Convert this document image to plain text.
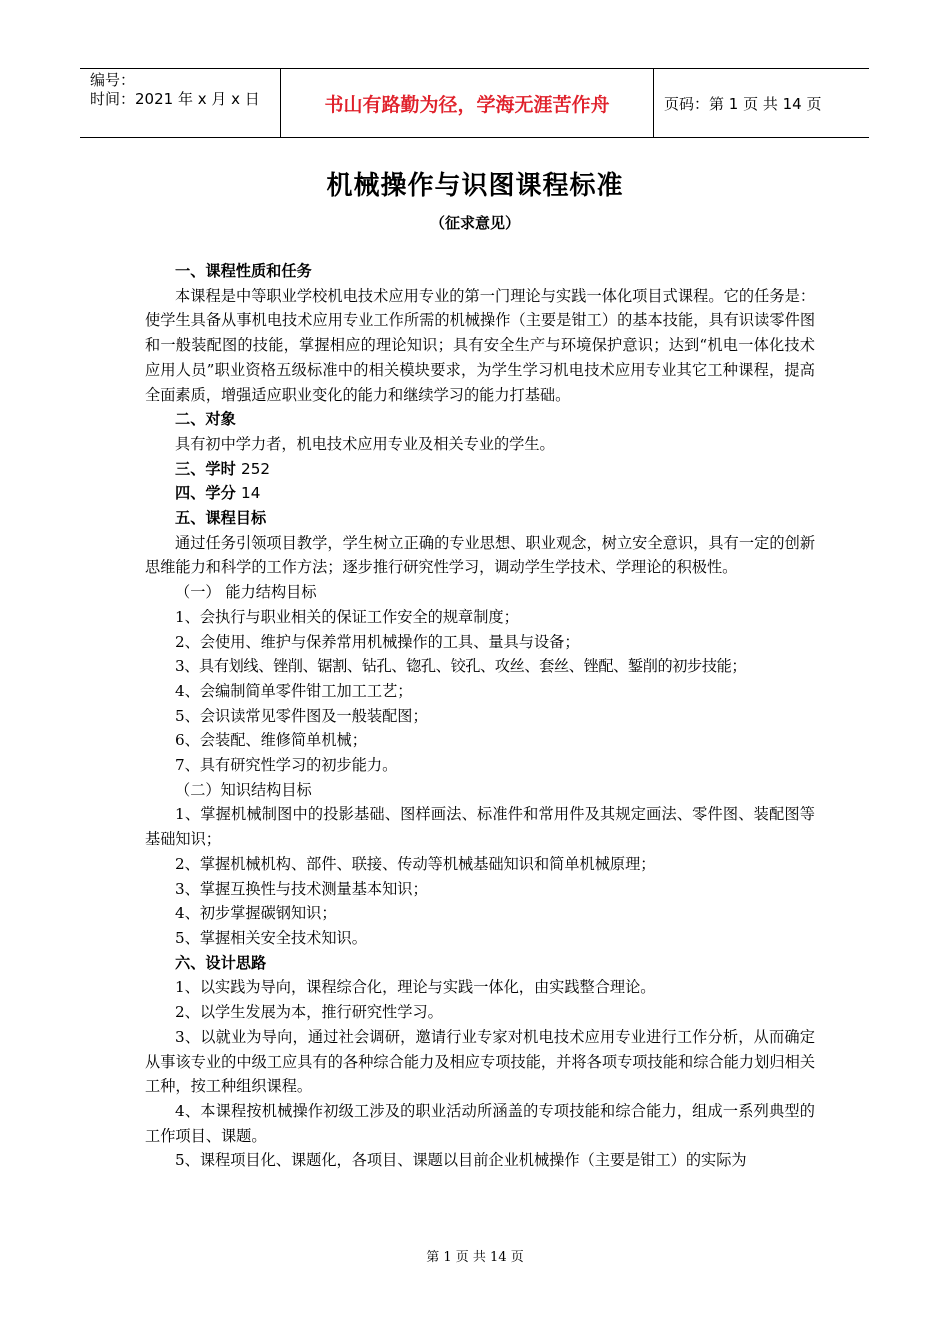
编号：
时间：2021 年 x 月 x 日	书山有路勤为径，学海无涯苦作舟	页码：第 1 页 共 14 页
机械操作与识图课程标准
（征求意见）

一、课程性质和任务

本课程是中等职业学校机电技术应用专业的第一门理论与实践一体化项目式课程。它的任务是：使学生具备从事机电技术应用专业工作所需的机械操作（主要是钳工）的基本技能，具有识读零件图和一般装配图的技能，掌握相应的理论知识；具有安全生产与环境保护意识；达到“机电一体化技术应用人员”职业资格五级标准中的相关模块要求，为学生学习机电技术应用专业其它工种课程，提高全面素质，增强适应职业变化的能力和继续学习的能力打基础。

二、对象

具有初中学力者，机电技术应用专业及相关专业的学生。

三、学时 252

四、学分 14

五、课程目标

通过任务引领项目教学，学生树立正确的专业思想、职业观念，树立安全意识，具有一定的创新思维能力和科学的工作方法；逐步推行研究性学习，调动学生学技术、学理论的积极性。

（一） 能力结构目标

1、会执行与职业相关的保证工作安全的规章制度；

2、会使用、维护与保养常用机械操作的工具、量具与设备；

3、具有划线、锉削、锯割、钻孔、锪孔、铰孔、攻丝、套丝、锉配、錾削的初步技能；

4、会编制简单零件钳工加工工艺；

5、会识读常见零件图及一般装配图；

6、会装配、维修简单机械；

7、具有研究性学习的初步能力。

（二）知识结构目标

1、掌握机械制图中的投影基础、图样画法、标准件和常用件及其规定画法、零件图、装配图等基础知识；

2、掌握机械机构、部件、联接、传动等机械基础知识和简单机械原理；

3、掌握互换性与技术测量基本知识；

4、初步掌握碳钢知识；

5、掌握相关安全技术知识。

六、设计思路

1、以实践为导向，课程综合化，理论与实践一体化，由实践整合理论。

2、以学生发展为本，推行研究性学习。

3、以就业为导向，通过社会调研，邀请行业专家对机电技术应用专业进行工作分析，从而确定从事该专业的中级工应具有的各种综合能力及相应专项技能，并将各项专项技能和综合能力划归相关工种，按工种组织课程。

4、本课程按机械操作初级工涉及的职业活动所涵盖的专项技能和综合能力，组成一系列典型的工作项目、课题。

5、课程项目化、课题化，各项目、课题以目前企业机械操作（主要是钳工）的实际为

第 1 页 共 14 页
